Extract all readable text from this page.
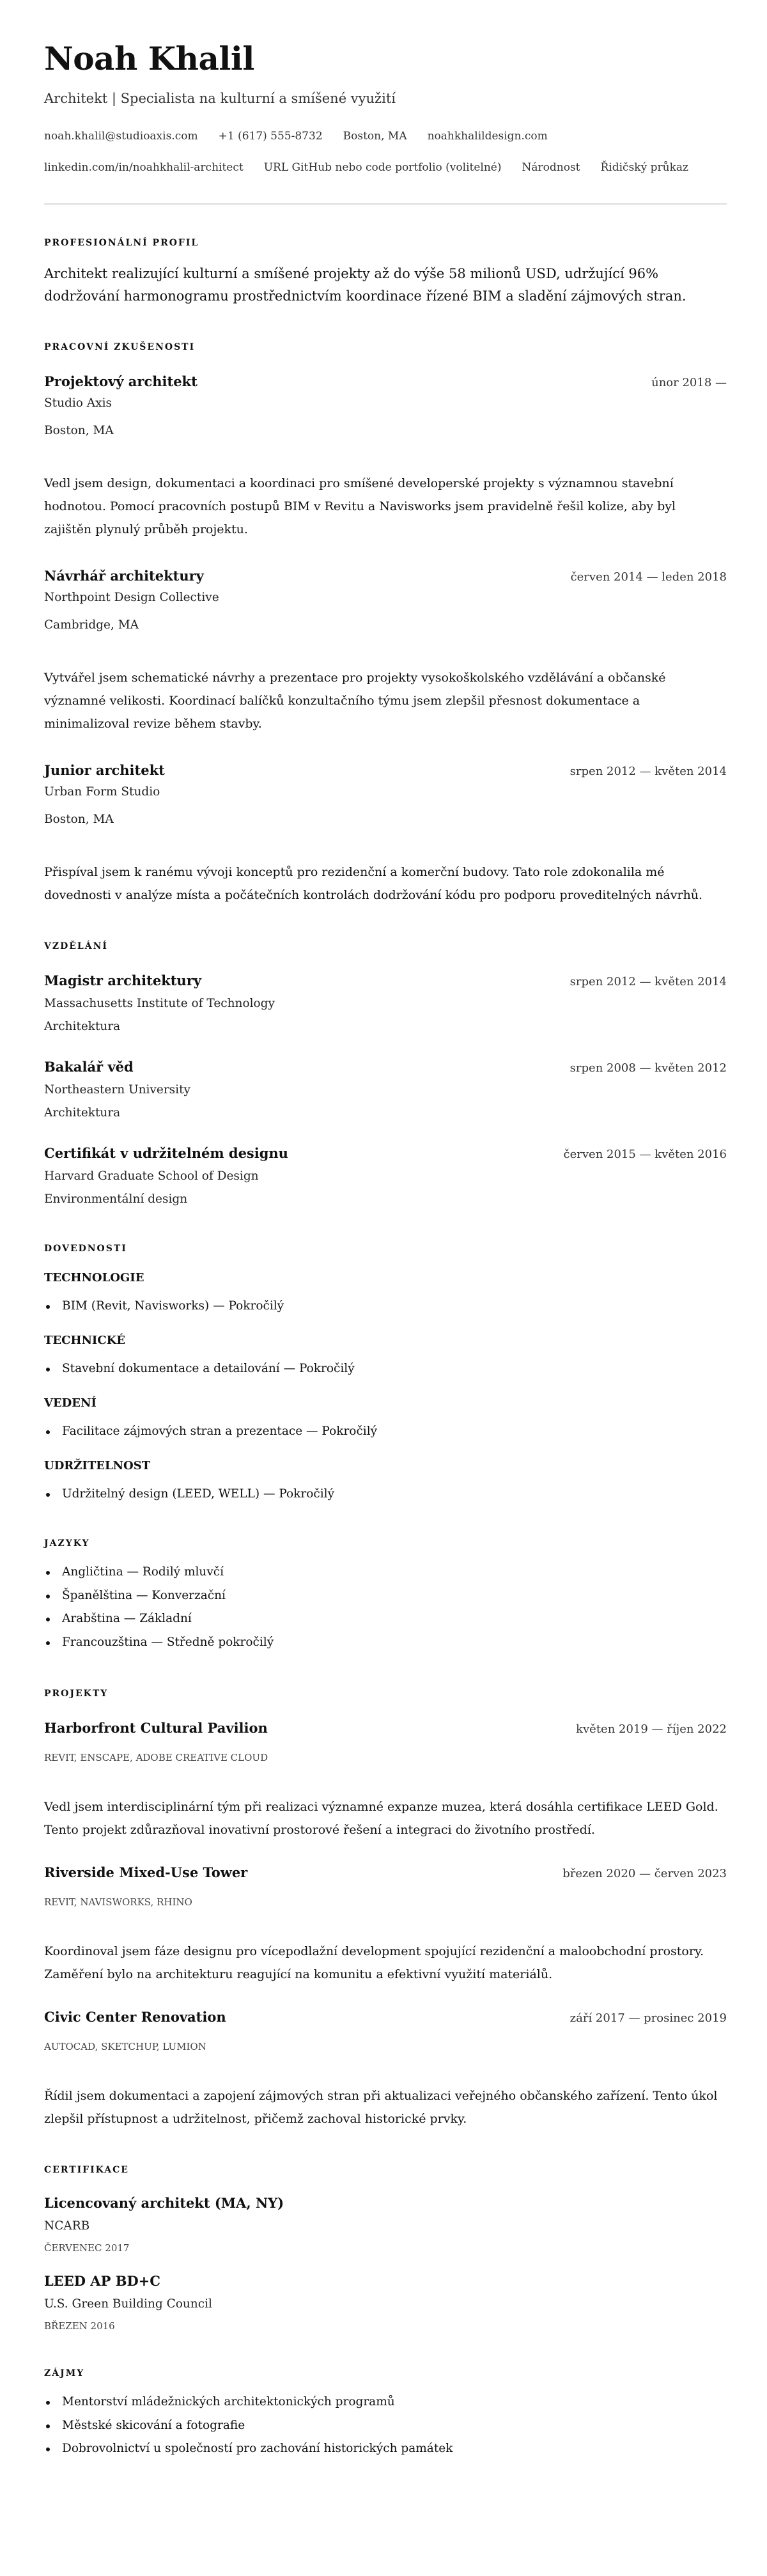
Noah Khalil
Architekt | Specialista na kulturní a smíšené využití
noah.khalil@studioaxis.com +1 (617) 555-8732 Boston, MA noahkhalildesign.com
linkedin.com/in/noahkhalil-architect URL GitHub nebo code portfolio (volitelné) Národnost Řidičský průkaz
PROFESIONÁLNÍ PROFIL
Architekt realizující kulturní a smíšené projekty až do výše 58 milionů USD, udržující 96% dodržování harmonogramu prostřednictvím koordinace řízené BIM a sladění zájmových stran.
PRACOVNÍ ZKUŠENOSTI
Projektový architekt	únor 2018 —
Studio Axis
Boston, MA
Vedl jsem design, dokumentaci a koordinaci pro smíšené developerské projekty s významnou stavební hodnotou. Pomocí pracovních postupů BIM v Revitu a Navisworks jsem pravidelně řešil kolize, aby byl zajištěn plynulý průběh projektu.
Návrhář architektury	červen 2014 — leden 2018
Northpoint Design Collective
Cambridge, MA
Vytvářel jsem schematické návrhy a prezentace pro projekty vysokoškolského vzdělávání a občanské významné velikosti. Koordinací balíčků konzultačního týmu jsem zlepšil přesnost dokumentace a minimalizoval revize během stavby.
Junior architekt	srpen 2012 — květen 2014
Urban Form Studio
Boston, MA
Přispíval jsem k ranému vývoji konceptů pro rezidenční a komerční budovy. Tato role zdokonalila mé dovednosti v analýze místa a počátečních kontrolách dodržování kódu pro podporu proveditelných návrhů.
VZDĚLÁNÍ
Magistr architektury	srpen 2012 — květen 2014
Massachusetts Institute of Technology
Architektura
Bakalář věd	srpen 2008 — květen 2012
Northeastern University
Architektura
Certifikát v udržitelném designu	červen 2015 — květen 2016
Harvard Graduate School of Design
Environmentální design
DOVEDNOSTI
TECHNOLOGIE
BIM (Revit, Navisworks) — Pokročilý
TECHNICKÉ
Stavební dokumentace a detailování — Pokročilý
VEDENÍ
Facilitace zájmových stran a prezentace — Pokročilý
UDRŽITELNOST
Udržitelný design (LEED, WELL) — Pokročilý
JAZYKY
Angličtina — Rodilý mluvčí
Španělština — Konverzační
Arabština — Základní
Francouzština — Středně pokročilý
PROJEKTY
Harborfront Cultural Pavilion	květen 2019 — říjen 2022
REVIT, ENSCAPE, ADOBE CREATIVE CLOUD
Vedl jsem interdisciplinární tým při realizaci významné expanze muzea, která dosáhla certifikace LEED Gold. Tento projekt zdůrazňoval inovativní prostorové řešení a integraci do životního prostředí.
Riverside Mixed-Use Tower	březen 2020 — červen 2023
REVIT, NAVISWORKS, RHINO
Koordinoval jsem fáze designu pro vícepodlažní development spojující rezidenční a maloobchodní prostory. Zaměření bylo na architekturu reagující na komunitu a efektivní využití materiálů.
Civic Center Renovation	září 2017 — prosinec 2019
AUTOCAD, SKETCHUP, LUMION
Řídil jsem dokumentaci a zapojení zájmových stran při aktualizaci veřejného občanského zařízení. Tento úkol zlepšil přístupnost a udržitelnost, přičemž zachoval historické prvky.
CERTIFIKACE
Licencovaný architekt (MA, NY)
NCARB
ČERVENEC 2017
LEED AP BD+C
U.S. Green Building Council
BŘEZEN 2016
ZÁJMY
Mentorství mládežnických architektonických programů
Městské skicování a fotografie
Dobrovolnictví u společností pro zachování historických památek
